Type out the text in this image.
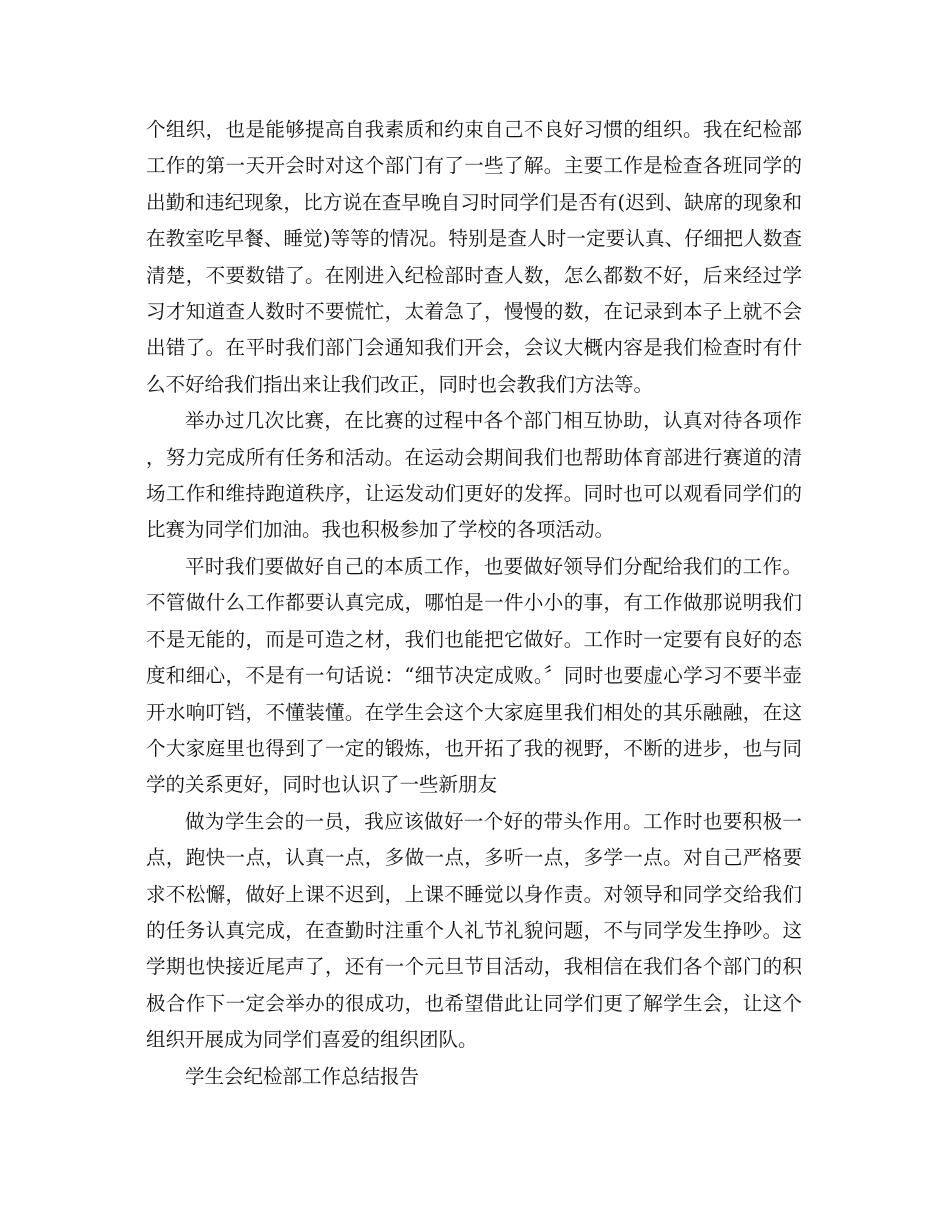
个组织，也是能够提高自我素质和约束自己不良好习惯的组织。我在纪检部工作的第一天开会时对这个部门有了一些了解。主要工作是检查各班同学的出勤和违纪现象，比方说在查早晚自习时同学们是否有(迟到、缺席的现象和在教室吃早餐、睡觉)等等的情况。特别是查人时一定要认真、仔细把人数查清楚，不要数错了。在刚进入纪检部时查人数，怎么都数不好，后来经过学习才知道查人数时不要慌忙，太着急了，慢慢的数，在记录到本子上就不会出错了。在平时我们部门会通知我们开会，会议大概内容是我们检查时有什么不好给我们指出来让我们改正，同时也会教我们方法等。

举办过几次比赛，在比赛的过程中各个部门相互协助，认真对待各项作，努力完成所有任务和活动。在运动会期间我们也帮助体育部进行赛道的清场工作和维持跑道秩序，让运发动们更好的发挥。同时也可以观看同学们的比赛为同学们加油。我也积极参加了学校的各项活动。

平时我们要做好自己的本质工作，也要做好领导们分配给我们的工作。不管做什么工作都要认真完成，哪怕是一件小小的事，有工作做那说明我们不是无能的，而是可造之材，我们也能把它做好。工作时一定要有良好的态度和细心，不是有一句话说：“细节决定成败。〞同时也要虚心学习不要半壶开水响叮铛，不懂装懂。在学生会这个大家庭里我们相处的其乐融融，在这个大家庭里也得到了一定的锻炼，也开拓了我的视野，不断的进步，也与同学的关系更好，同时也认识了一些新朋友

做为学生会的一员，我应该做好一个好的带头作用。工作时也要积极一点，跑快一点，认真一点，多做一点，多听一点，多学一点。对自己严格要求不松懈，做好上课不迟到，上课不睡觉以身作责。对领导和同学交给我们的任务认真完成，在查勤时注重个人礼节礼貌问题，不与同学发生挣吵。这学期也快接近尾声了，还有一个元旦节目活动，我相信在我们各个部门的积极合作下一定会举办的很成功，也希望借此让同学们更了解学生会，让这个组织开展成为同学们喜爱的组织团队。

学生会纪检部工作总结报告
